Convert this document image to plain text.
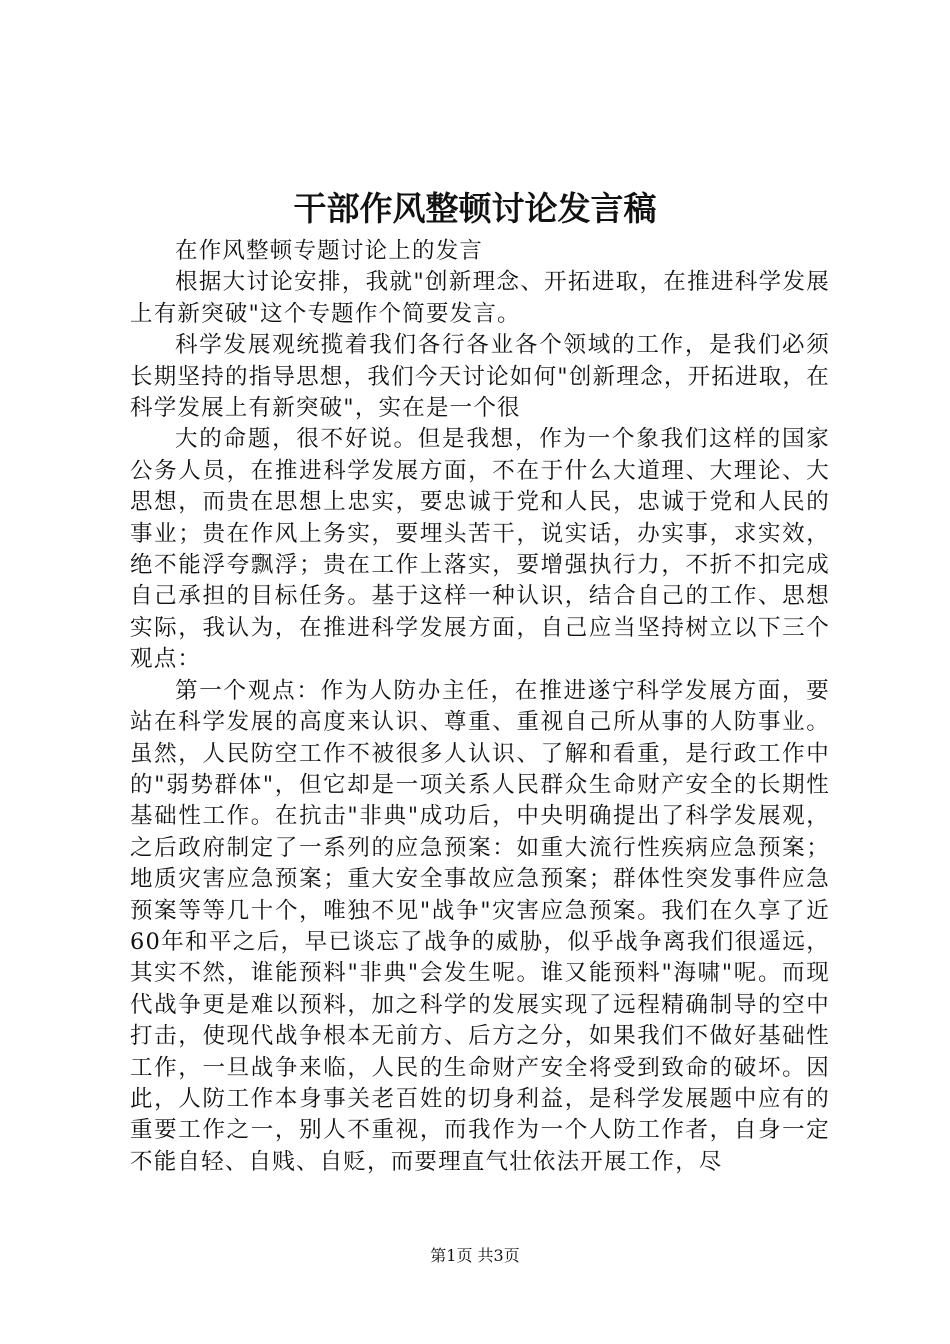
干部作风整顿讨论发言稿

在作风整顿专题讨论上的发言

根据大讨论安排，我就"创新理念、开拓进取，在推进科学发展上有新突破"这个专题作个简要发言。

科学发展观统揽着我们各行各业各个领域的工作，是我们必须长期坚持的指导思想，我们今天讨论如何"创新理念，开拓进取，在科学发展上有新突破"，实在是一个很

大的命题，很不好说。但是我想，作为一个象我们这样的国家公务人员，在推进科学发展方面，不在于什么大道理、大理论、大思想，而贵在思想上忠实，要忠诚于党和人民，忠诚于党和人民的事业；贵在作风上务实，要埋头苦干，说实话，办实事，求实效，绝不能浮夸飘浮；贵在工作上落实，要增强执行力，不折不扣完成自己承担的目标任务。基于这样一种认识，结合自己的工作、思想实际，我认为，在推进科学发展方面，自己应当坚持树立以下三个观点：

第一个观点：作为人防办主任，在推进遂宁科学发展方面，要站在科学发展的高度来认识、尊重、重视自己所从事的人防事业。虽然，人民防空工作不被很多人认识、了解和看重，是行政工作中的"弱势群体"，但它却是一项关系人民群众生命财产安全的长期性基础性工作。在抗击"非典"成功后，中央明确提出了科学发展观，之后政府制定了一系列的应急预案：如重大流行性疾病应急预案；地质灾害应急预案；重大安全事故应急预案；群体性突发事件应急预案等等几十个，唯独不见"战争"灾害应急预案。我们在久享了近60年和平之后，早已谈忘了战争的威胁，似乎战争离我们很遥远，其实不然，谁能预料"非典"会发生呢。谁又能预料"海啸"呢。而现代战争更是难以预料，加之科学的发展实现了远程精确制导的空中打击，使现代战争根本无前方、后方之分，如果我们不做好基础性工作，一旦战争来临，人民的生命财产安全将受到致命的破坏。因此，人防工作本身事关老百姓的切身利益，是科学发展题中应有的重要工作之一，别人不重视，而我作为一个人防工作者，自身一定不能自轻、自贱、自贬，而要理直气壮依法开展工作，尽

第1页 共3页
